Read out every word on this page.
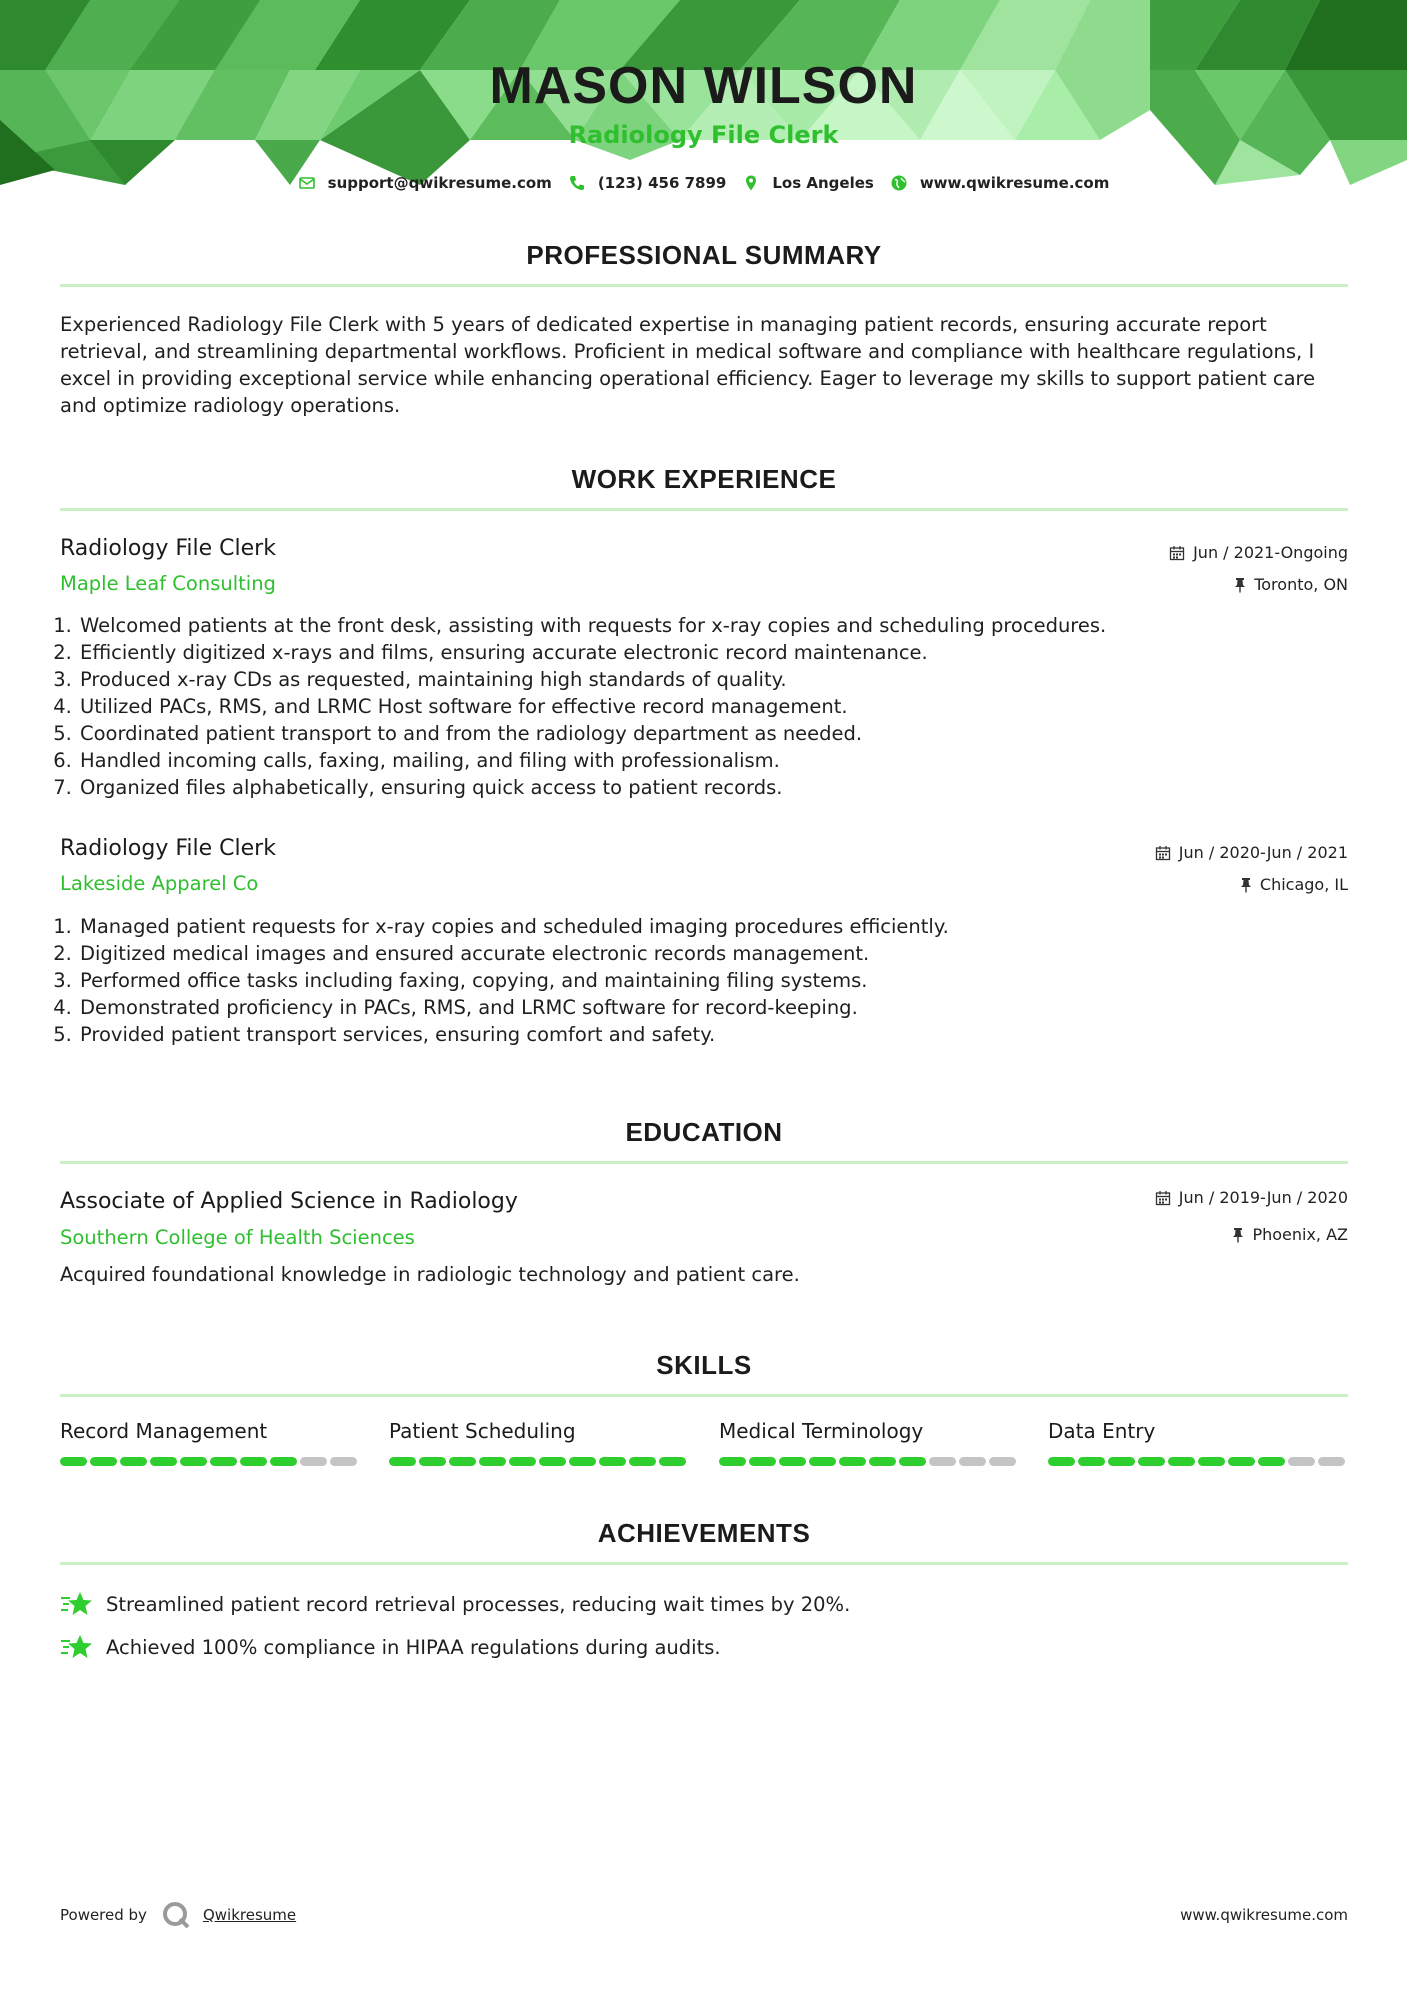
MASON WILSON
Radiology File Clerk
support@qwikresume.com	(123) 456 7899	Los Angeles	www.qwikresume.com
PROFESSIONAL SUMMARY
Experienced Radiology File Clerk with 5 years of dedicated expertise in managing patient records, ensuring accurate report retrieval, and streamlining departmental workflows. Proficient in medical software and compliance with healthcare regulations, I excel in providing exceptional service while enhancing operational efficiency. Eager to leverage my skills to support patient care and optimize radiology operations.
WORK EXPERIENCE
Radiology File Clerk	Jun / 2021-Ongoing
Maple Leaf Consulting	Toronto, ON
1. Welcomed patients at the front desk, assisting with requests for x-ray copies and scheduling procedures.
2. Efficiently digitized x-rays and films, ensuring accurate electronic record maintenance.
3. Produced x-ray CDs as requested, maintaining high standards of quality.
4. Utilized PACs, RMS, and LRMC Host software for effective record management.
5. Coordinated patient transport to and from the radiology department as needed.
6. Handled incoming calls, faxing, mailing, and filing with professionalism.
7. Organized files alphabetically, ensuring quick access to patient records.
Radiology File Clerk	Jun / 2020-Jun / 2021
Lakeside Apparel Co	Chicago, IL
1. Managed patient requests for x-ray copies and scheduled imaging procedures efficiently.
2. Digitized medical images and ensured accurate electronic records management.
3. Performed office tasks including faxing, copying, and maintaining filing systems.
4. Demonstrated proficiency in PACs, RMS, and LRMC software for record-keeping.
5. Provided patient transport services, ensuring comfort and safety.
EDUCATION
Associate of Applied Science in Radiology	Jun / 2019-Jun / 2020
Southern College of Health Sciences	Phoenix, AZ
Acquired foundational knowledge in radiologic technology and patient care.
SKILLS
Record Management	Patient Scheduling	Medical Terminology	Data Entry
ACHIEVEMENTS
Streamlined patient record retrieval processes, reducing wait times by 20%.
Achieved 100% compliance in HIPAA regulations during audits.
Powered by	Qwikresume	www.qwikresume.com
